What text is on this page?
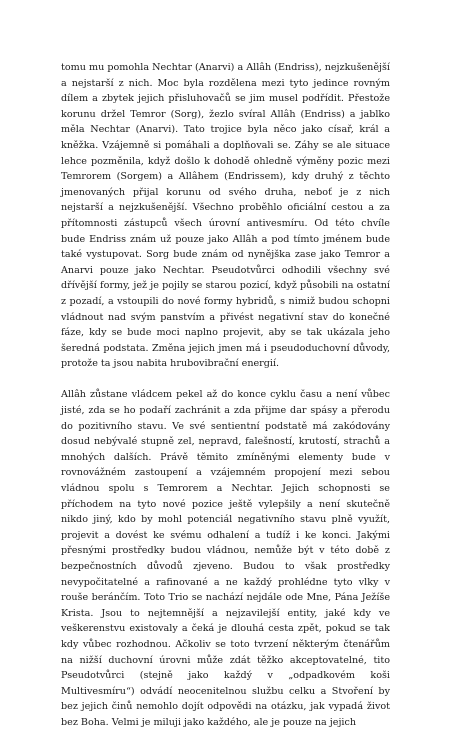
tomu mu pomohla Nechtar (Anarvi) a Allâh (Endriss), nejzkušenější a nejstarší z nich. Moc byla rozdělena mezi tyto jedince rovným dílem a zbytek jejich přisluhovačů se jim musel podřídit. Přestože korunu držel Temror (Sorg), žezlo svíral Allâh (Endriss) a jablko měla Nechtar (Anarvi). Tato trojice byla něco jako císař, král a kněžka. Vzájemně si pomáhali a doplňovali se. Záhy se ale situace lehce pozměnila, když došlo k dohodě ohledně výměny pozic mezi Temrorem (Sorgem) a Allâhem (Endrissem), kdy druhý z těchto jmenovaných přijal korunu od svého druha, neboť je z nich nejstarší a nejzkušenější. Všechno proběhlo oficiální cestou a za přítomnosti zástupců všech úrovní antivesmíru. Od této chvíle bude Endriss znám už pouze jako Allâh a pod tímto jménem bude také vystupovat. Sorg bude znám od nynějška zase jako Temror a Anarvi pouze jako Nechtar. Pseudotvůrci odhodili všechny své dřívější formy, jež je pojily se starou pozicí, když působili na ostatní z pozadí, a vstoupili do nové formy hybridů, s nimiž budou schopni vládnout nad svým panstvím a přivést negativní stav do konečné fáze, kdy se bude moci naplno projevit, aby se tak ukázala jeho šeredná podstata. Změna jejich jmen má i pseudoduchovní důvody, protože ta jsou nabita hrubovibrační energií.

Allâh zůstane vládcem pekel až do konce cyklu času a není vůbec jisté, zda se ho podaří zachránit a zda přijme dar spásy a přerodu do pozitivního stavu. Ve své sentientní podstatě má zakódovány dosud nebývalé stupně zel, nepravd, falešností, krutostí, strachů a mnohých dalších. Právě těmito zmíněnými elementy bude v rovnovážném zastoupení a vzájemném propojení mezi sebou vládnou spolu s Temrorem a Nechtar. Jejich schopnosti se příchodem na tyto nové pozice ještě vylepšily a není skutečně nikdo jiný, kdo by mohl potenciál negativního stavu plně využít, projevit a dovést ke svému odhalení a tudíž i ke konci. Jakými přesnými prostředky budou vládnou, nemůže být v této době z bezpečnostních důvodů zjeveno. Budou to však prostředky nevypočitatelné a rafinované a ne každý prohlédne tyto vlky v rouše beránčím. Toto Trio se nachází nejdále ode Mne, Pána Ježíše Krista. Jsou to nejtemnější a nejzavilejší entity, jaké kdy ve veškerenstvu existovaly a čeká je dlouhá cesta zpět, pokud se tak kdy vůbec rozhodnou. Ačkoliv se toto tvrzení některým čtenářům na nižší duchovní úrovni může zdát těžko akceptovatelné, tito Pseudotvůrci (stejně jako každý v „odpadkovém koši Multivesmíru“) odvádí neocenitelnou službu celku a Stvoření by bez jejich činů nemohlo dojít odpovědi na otázku, jak vypadá život bez Boha. Velmi je miluji jako každého, ale je pouze na jejich
